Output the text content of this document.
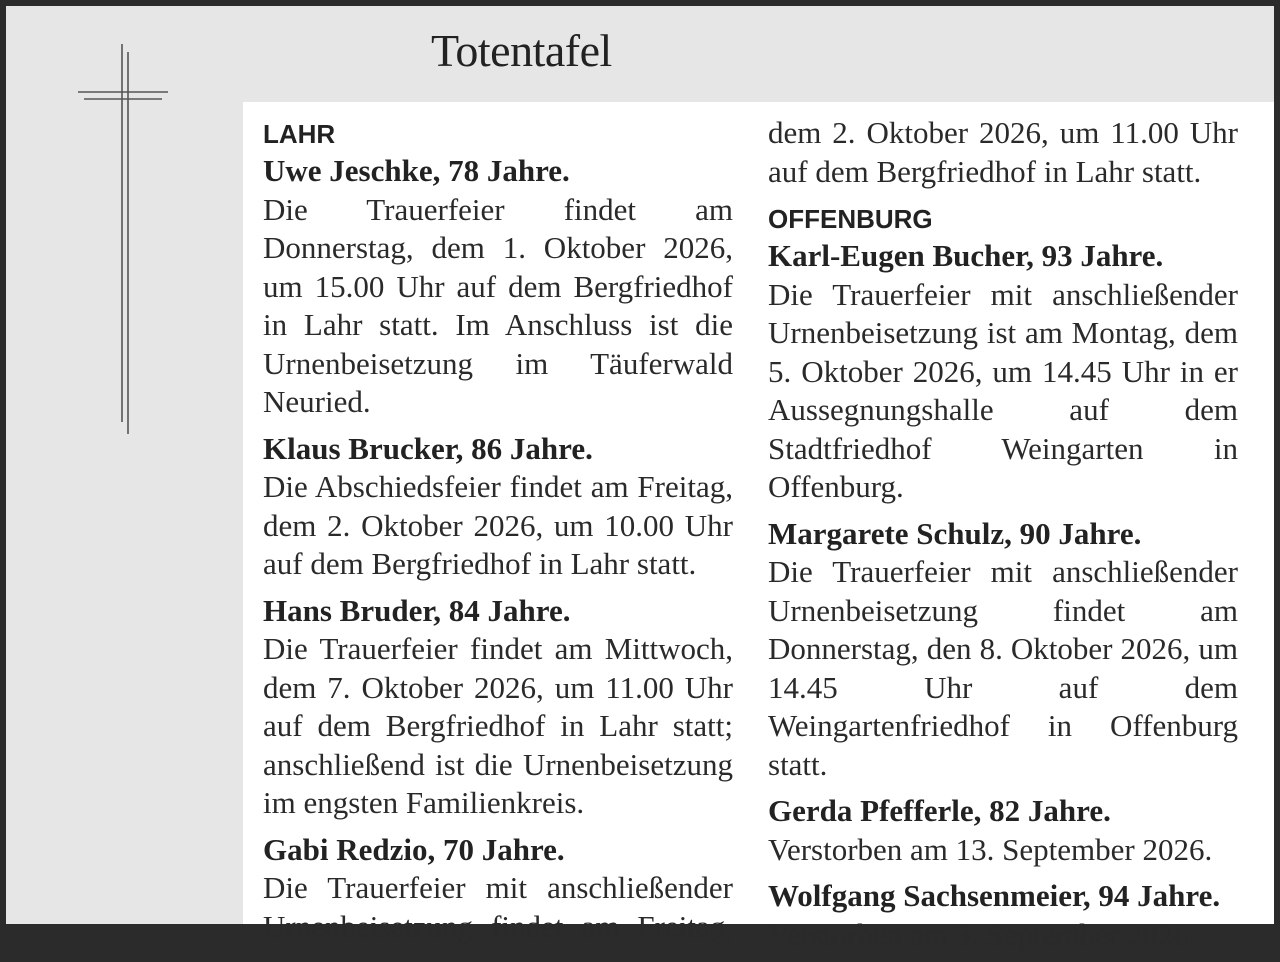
Totentafel
LAHR

Uwe Jeschke, 78 Jahre.

Die Trauerfeier findet am Donnerstag, dem 1. Oktober 2026, um 15.00 Uhr auf dem Bergfriedhof in Lahr statt. Im Anschluss ist die Urnenbeisetzung im Täuferwald Neuried.

Klaus Brucker, 86 Jahre.

Die Abschiedsfeier findet am Freitag, dem 2. Oktober 2026, um 10.00 Uhr auf dem Bergfriedhof in Lahr statt.

Hans Bruder, 84 Jahre.

Die Trauerfeier findet am Mittwoch, dem 7. Oktober 2026, um 11.00 Uhr auf dem Bergfriedhof in Lahr statt; anschließend ist die Urnenbeisetzung im engsten Familienkreis.

Gabi Redzio, 70 Jahre.

Die Trauerfeier mit anschließender Urnenbeisetzung findet am Freitag,

dem 2. Oktober 2026, um 11.00 Uhr auf dem Bergfriedhof in Lahr statt.

OFFENBURG

Karl-Eugen Bucher, 93 Jahre.

Die Trauerfeier mit anschließender Urnenbeisetzung ist am Montag, dem 5. Oktober 2026, um 14.45 Uhr in er Aussegnungshalle auf dem Stadtfriedhof Weingarten in Offenburg.

Margarete Schulz, 90 Jahre.

Die Trauerfeier mit anschließender Urnenbeisetzung findet am Donnerstag, den 8. Oktober 2026, um 14.45 Uhr auf dem Weingartenfriedhof in Offenburg statt.

Gerda Pfefferle, 82 Jahre.

Verstorben am 13. September 2026.

Wolfgang Sachsenmeier, 94 Jahre.

Verstorben am 3. September 2026.
